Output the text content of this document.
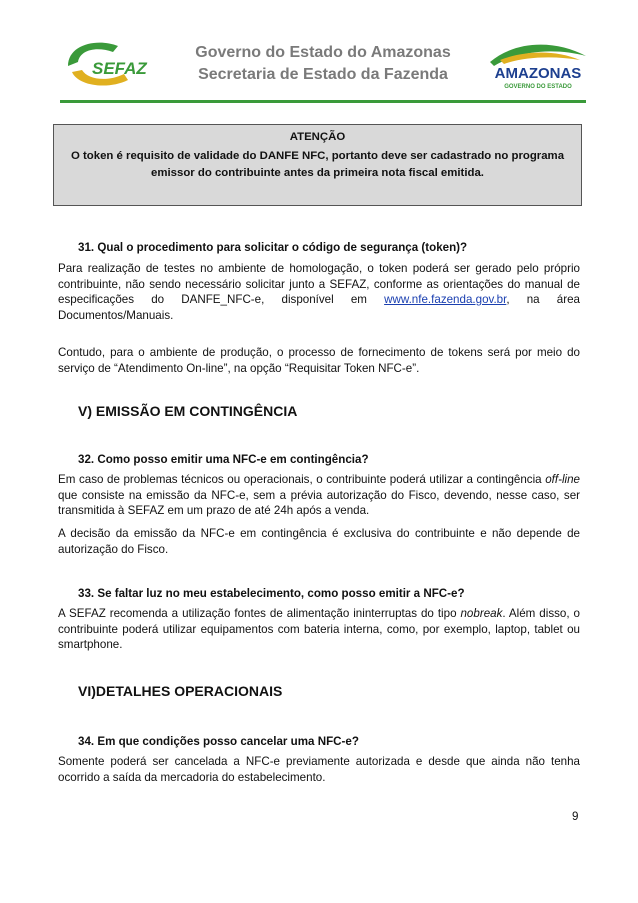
SEFAZ
Governo do Estado do Amazonas
Secretaria de Estado da Fazenda	AMAZONAS
GOVERNO DO ESTADO
ATENÇÃO
O token é requisito de validade do DANFE NFC, portanto deve ser cadastrado no programa emissor do contribuinte antes da primeira nota fiscal emitida.
31. Qual o procedimento para solicitar o código de segurança (token)?
Para realização de testes no ambiente de homologação, o token poderá ser gerado pelo próprio contribuinte, não sendo necessário solicitar junto a SEFAZ, conforme as orientações do manual de especificações do DANFE_NFC-e, disponível em www.nfe.fazenda.gov.br, na área Documentos/Manuais.
Contudo, para o ambiente de produção, o processo de fornecimento de tokens será por meio do serviço de “Atendimento On-line”, na opção “Requisitar Token NFC-e”.
V) EMISSÃO EM CONTINGÊNCIA
32. Como posso emitir uma NFC-e em contingência?
Em caso de problemas técnicos ou operacionais, o contribuinte poderá utilizar a contingência off-line que consiste na emissão da NFC-e, sem a prévia autorização do Fisco, devendo, nesse caso, ser transmitida à SEFAZ em um prazo de até 24h após a venda.
A decisão da emissão da NFC-e em contingência é exclusiva do contribuinte e não depende de autorização do Fisco.
33. Se faltar luz no meu estabelecimento, como posso emitir a NFC-e?
A SEFAZ recomenda a utilização fontes de alimentação ininterruptas do tipo nobreak. Além disso, o contribuinte poderá utilizar equipamentos com bateria interna, como, por exemplo, laptop, tablet ou smartphone.
VI)DETALHES OPERACIONAIS
34. Em que condições posso cancelar uma NFC-e?
Somente poderá ser cancelada a NFC-e previamente autorizada e desde que ainda não tenha ocorrido a saída da mercadoria do estabelecimento.
9
